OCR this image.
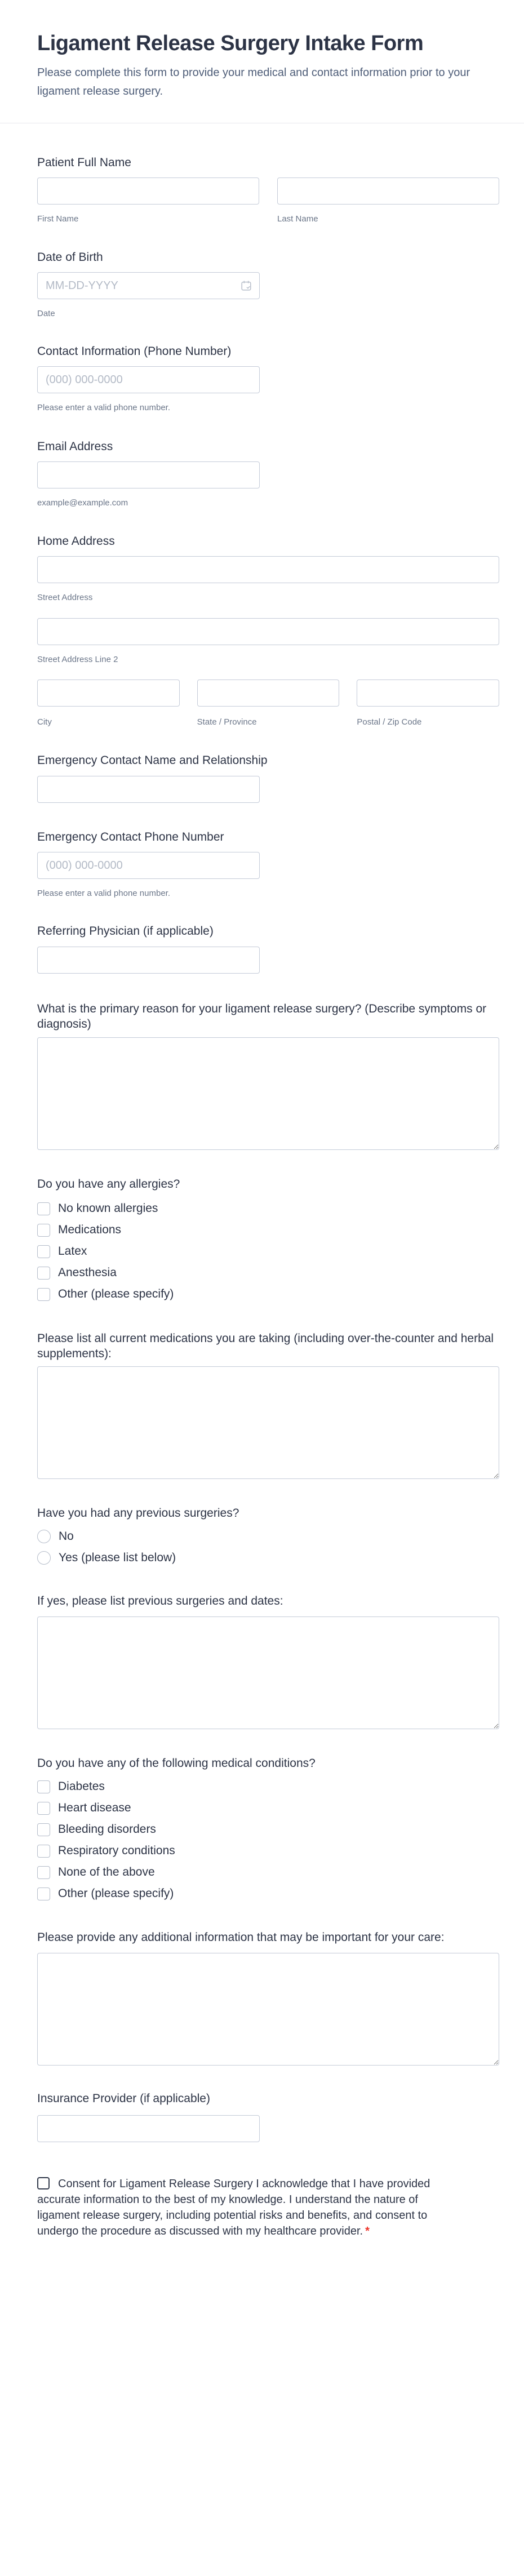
Ligament Release Surgery Intake Form

Please complete this form to provide your medical and contact information prior to your ligament release surgery.

Patient Full Name
First Name	Last Name
Date of Birth
MM-DD-YYYY
Date
Contact Information (Phone Number)
(000) 000-0000
Please enter a valid phone number.
Email Address
example@example.com
Home Address
Street Address
Street Address Line 2
City	State / Province	Postal / Zip Code
Emergency Contact Name and Relationship
Emergency Contact Phone Number
(000) 000-0000
Please enter a valid phone number.
Referring Physician (if applicable)
What is the primary reason for your ligament release surgery? (Describe symptoms or diagnosis)
Do you have any allergies?
No known allergies
Medications
Latex
Anesthesia
Other (please specify)
Please list all current medications you are taking (including over-the-counter and herbal supplements):
Have you had any previous surgeries?
No
Yes (please list below)
If yes, please list previous surgeries and dates:
Do you have any of the following medical conditions?
Diabetes
Heart disease
Bleeding disorders
Respiratory conditions
None of the above
Other (please specify)
Please provide any additional information that may be important for your care:
Insurance Provider (if applicable)

Consent for Ligament Release Surgery I acknowledge that I have provided accurate information to the best of my knowledge. I understand the nature of ligament release surgery, including potential risks and benefits, and consent to undergo the procedure as discussed with my healthcare provider. *
